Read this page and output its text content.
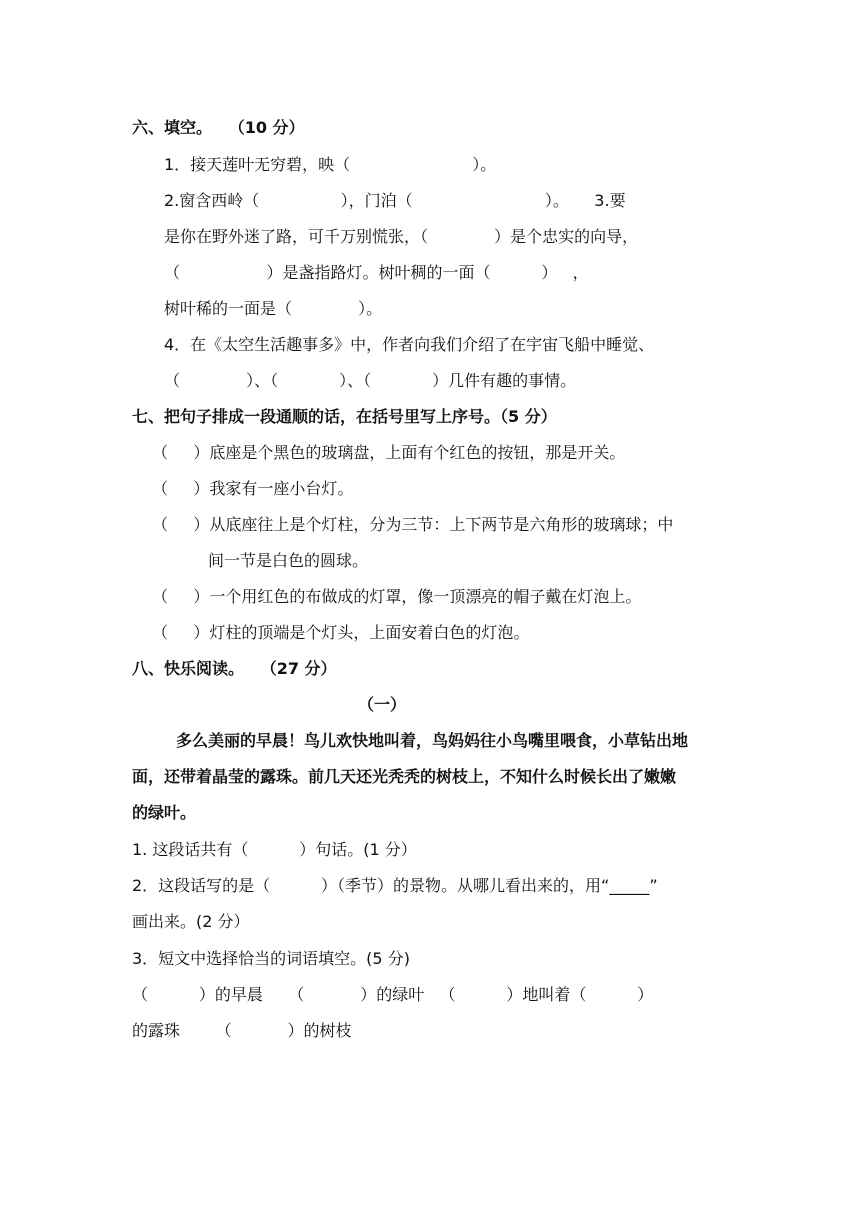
六、填空。   （10 分）
1．接天莲叶无穷碧，映（                        ）。
2.窗含西岭（                ），门泊（                          ）。     3.要
是你在野外迷了路，可千万别慌张，（             ）是个忠实的向导，
（                 ）是盏指路灯。树叶稠的一面（          ）   ，
树叶稀的一面是（             ）。
4．在《太空生活趣事多》中，作者向我们介绍了在宇宙飞船中睡觉、
（             ）、（            ）、（            ）几件有趣的事情。
七、把句子排成一段通顺的话，在括号里写上序号。（5 分）
（     ）底座是个黑色的玻璃盘，上面有个红色的按钮，那是开关。
（     ）我家有一座小台灯。
（     ）从底座往上是个灯柱，分为三节：上下两节是六角形的玻璃球；中
间一节是白色的圆球。
（     ）一个用红色的布做成的灯罩，像一顶漂亮的帽子戴在灯泡上。
（     ）灯柱的顶端是个灯头，上面安着白色的灯泡。
八、快乐阅读。   （27 分）
（一）
多么美丽的早晨！鸟儿欢快地叫着，鸟妈妈往小鸟嘴里喂食，小草钻出地
面，还带着晶莹的露珠。前几天还光秃秃的树枝上，不知什么时候长出了嫩嫩
的绿叶。
1. 这段话共有（          ）句话。(1 分）
2．这段话写的是（          ）（季节）的景物。从哪儿看出来的，用“_____”
画出来。(2 分）
3．短文中选择恰当的词语填空。(5 分)
（          ）的早晨     （           ）的绿叶   （          ）地叫着（          ）
的露珠       （           ）的树枝
